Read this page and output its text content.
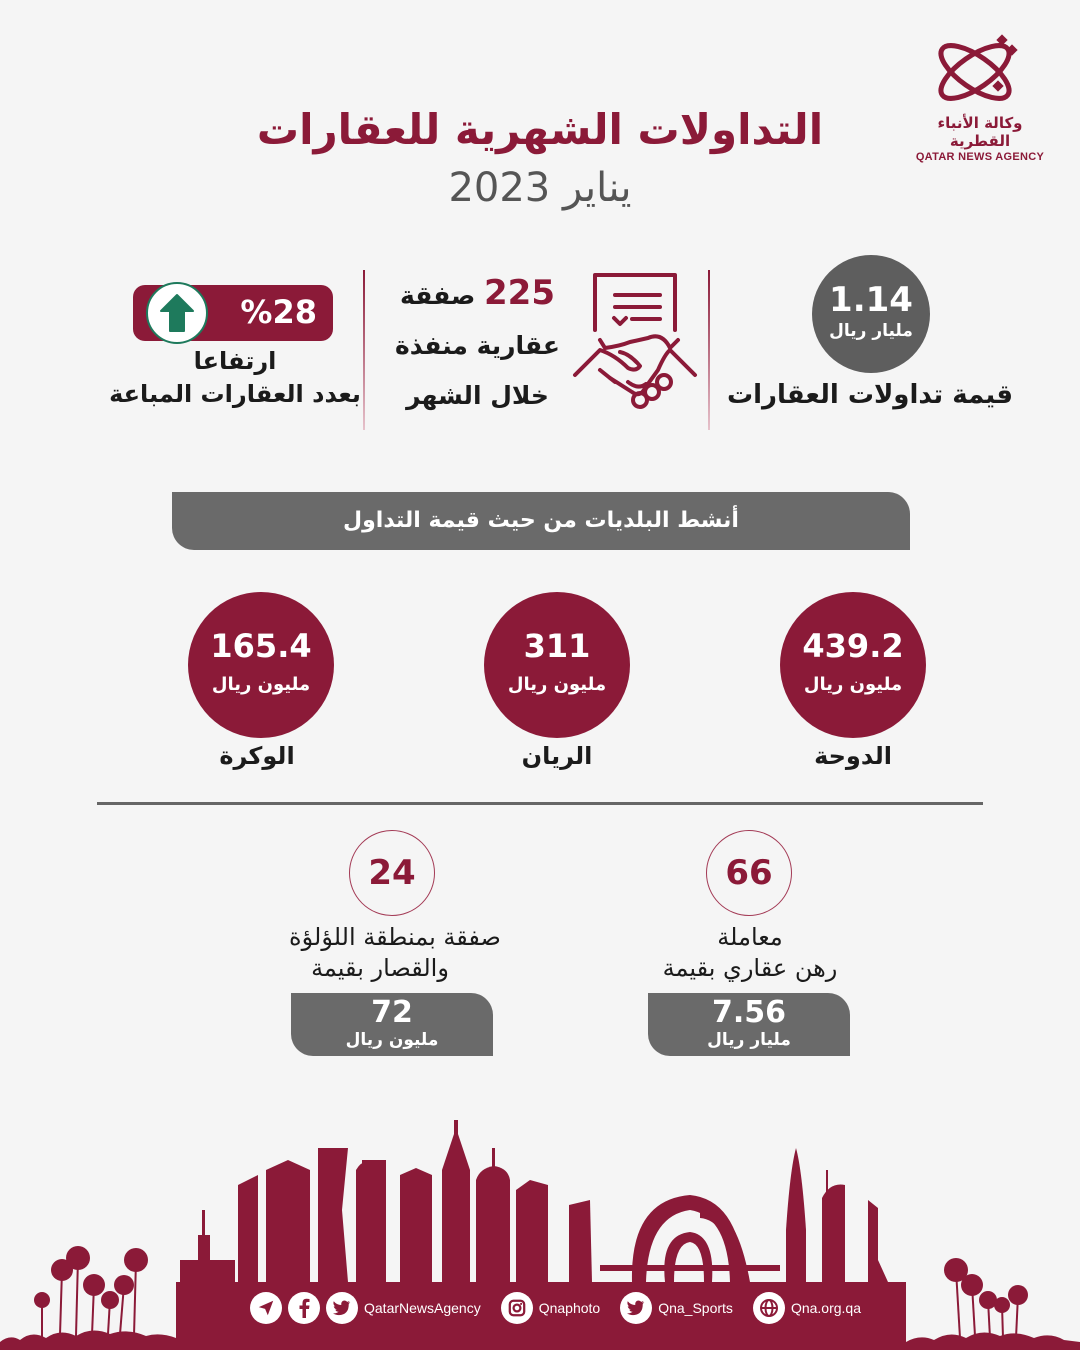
وكالة الأنباء القطرية
QATAR NEWS AGENCY
التداولات الشهرية للعقارات
يناير 2023
1.14
مليار ريال
قيمة تداولات العقارات
225 صفقة
عقارية منفذة
خلال الشهر
%28
ارتفاعا
بعدد العقارات المباعة
أنشط البلديات من حيث قيمة التداول
439.2
مليون ريال
الدوحة
311
مليون ريال
الريان
165.4
مليون ريال
الوكرة
66
معاملة
رهن عقاري بقيمة
7.56
مليار ريال
24
صفقة بمنطقة اللؤلؤة
والقصار بقيمة
72
مليون ريال
QatarNewsAgency	Qnaphoto	Qna_Sports	Qna.org.qa
